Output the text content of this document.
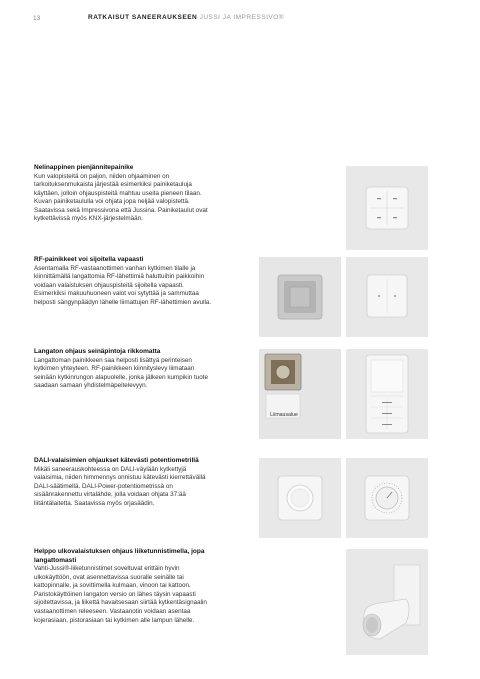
13	RATKAISUT SANEERAUKSEEN JUSSI JA IMPRESSIVO®
Nelinappinen pienjännitepainike
Kun valopisteitä on paljon, niiden ohjaaminen on tarkoituksenmukaista järjestää esimerkiksi painiketauluja käyttäen, jolloin ohjauspisteitä mahtuu useita pieneen tilaan. Kuvan painiketaululla voi ohjata jopa neljää valopistettä. Saatavissa sekä Impressivona että Jussina. Painiketaulut ovat kytkettävissä myös KNX-järjestelmään.
RF-painikkeet voi sijoitella vapaasti
Asentamalla RF-vastaanottimen vanhan kytkimen tilalle ja kiinnittämällä langattomia RF-lähettimiä haluttuihin paikkoihin voidaan valaistuksen ohjauspisteitä sijoitella vapaasti. Esimerkiksi makuuhuoneen valot voi sytyttää ja sammuttaa helposti sängynpäädyn lähelle liimattujen RF-lähettimien avulla.
Langaton ohjaus seinäpintoja rikkomatta
Langattoman painikkeen saa helposti lisättyä perinteisen kytkimen yhteyteen. RF-painikkeen kiinnityslevy liimataan seinään kytkinrungon alapuolelle, jonka jälkeen kumpikin tuote saadaan samaan yhdistelmäpeitelevyyn.
Liimausalue
DALI-valaisimien ohjaukset kätevästi potentiometrillä
Mikäli saneerauskohteessa on DALI-väylään kytkettyjä valaisimia, niiden himmennys onnistuu kätevästi kierrettävällä DALI-säätimellä. DALI-Power-potentiometrissä on sisäänrakennettu virtalähde, jolla voidaan ohjata 37:ää liitäntälaitetta. Saatavissa myös orjasäädin.
Helppo ulkovalaistuksen ohjaus liiketunnistimella, jopa langattomasti
Vahti-Jussi®-liiketunnistimet soveltuvat erittäin hyvin ulkokäyttöön, ovat asennettavissa suoralle seinälle tai kattopinnalle, ja sovittimella kulmaan, vinoon tai kattoon. Paristokäyttöinen langaton versio on lähes täysin vapaasti sijoitettavissa, ja liikettä havaitsesaan siirtää kytkentäsignaalin vastaanottimen releeseen. Vastaanotin voidaan asentaa kojerasiaan, pistorasiaan tai kytkimen alle lampun lähelle.
